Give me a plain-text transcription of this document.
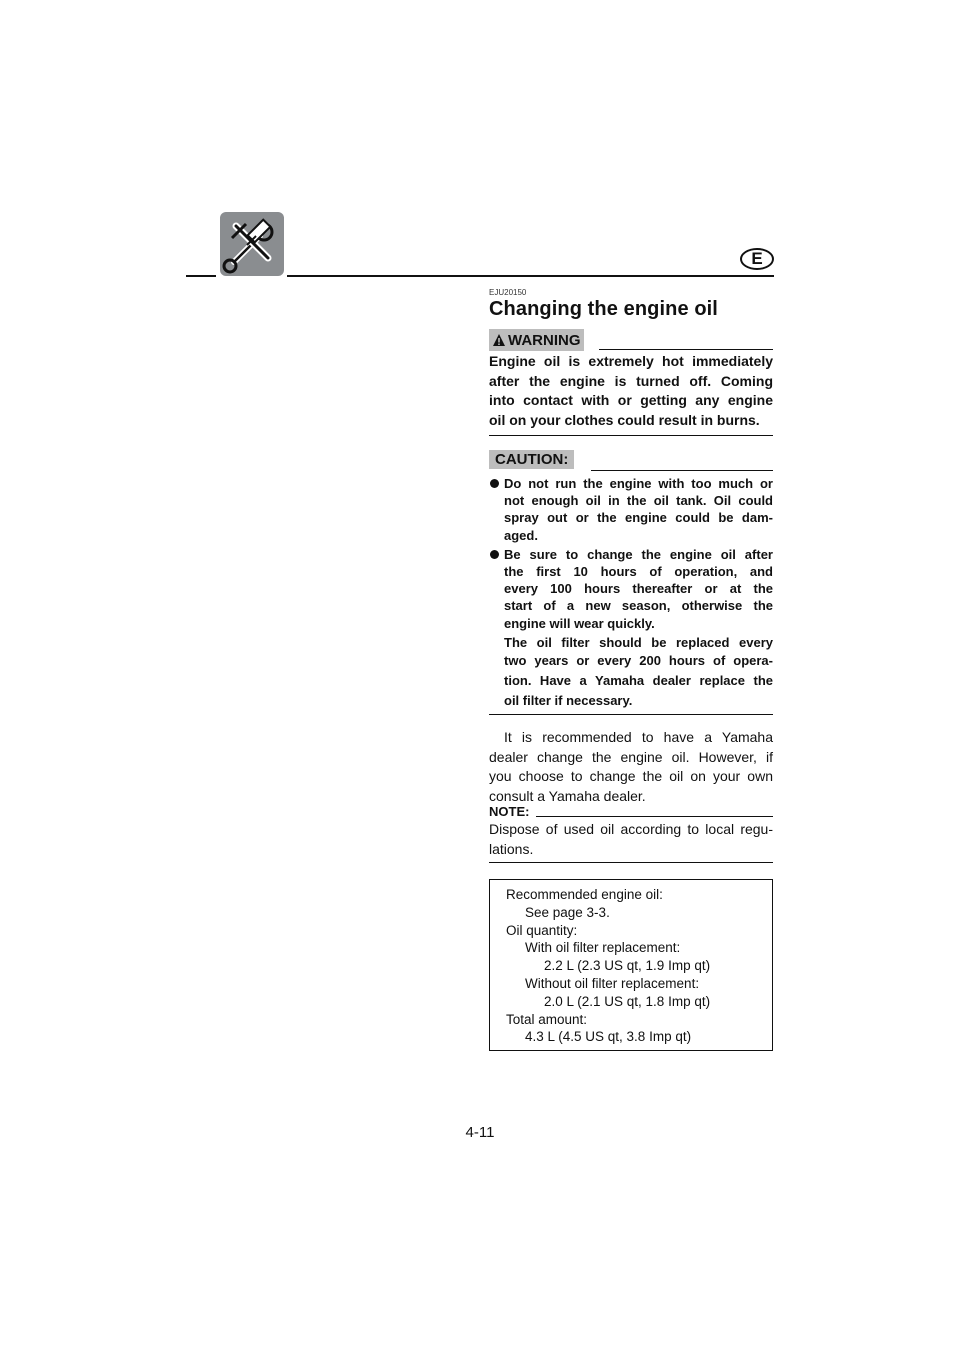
E
EJU20150
Changing the engine oil
WARNING
Engine oil is extremely hot immediately
after the engine is turned off. Coming
into contact with or getting any engine
oil on your clothes could result in burns.
CAUTION:
Do not run the engine with too much or
not enough oil in the oil tank. Oil could
spray out or the engine could be dam-
aged.
Be sure to change the engine oil after
the first 10 hours of operation, and
every 100 hours thereafter or at the
start of a new season, otherwise the
engine will wear quickly.
The oil filter should be replaced every
two years or every 200 hours of opera-
tion. Have a Yamaha dealer replace the
oil filter if necessary.
It is recommended to have a Yamaha
dealer change the engine oil. However, if
you choose to change the oil on your own
consult a Yamaha dealer.
NOTE:
Dispose of used oil according to local regu-
lations.
Recommended engine oil:
See page 3-3.
Oil quantity:
With oil filter replacement:
2.2 L (2.3 US qt, 1.9 Imp qt)
Without oil filter replacement:
2.0 L (2.1 US qt, 1.8 Imp qt)
Total amount:
4.3 L (4.5 US qt, 3.8 Imp qt)
4-11
